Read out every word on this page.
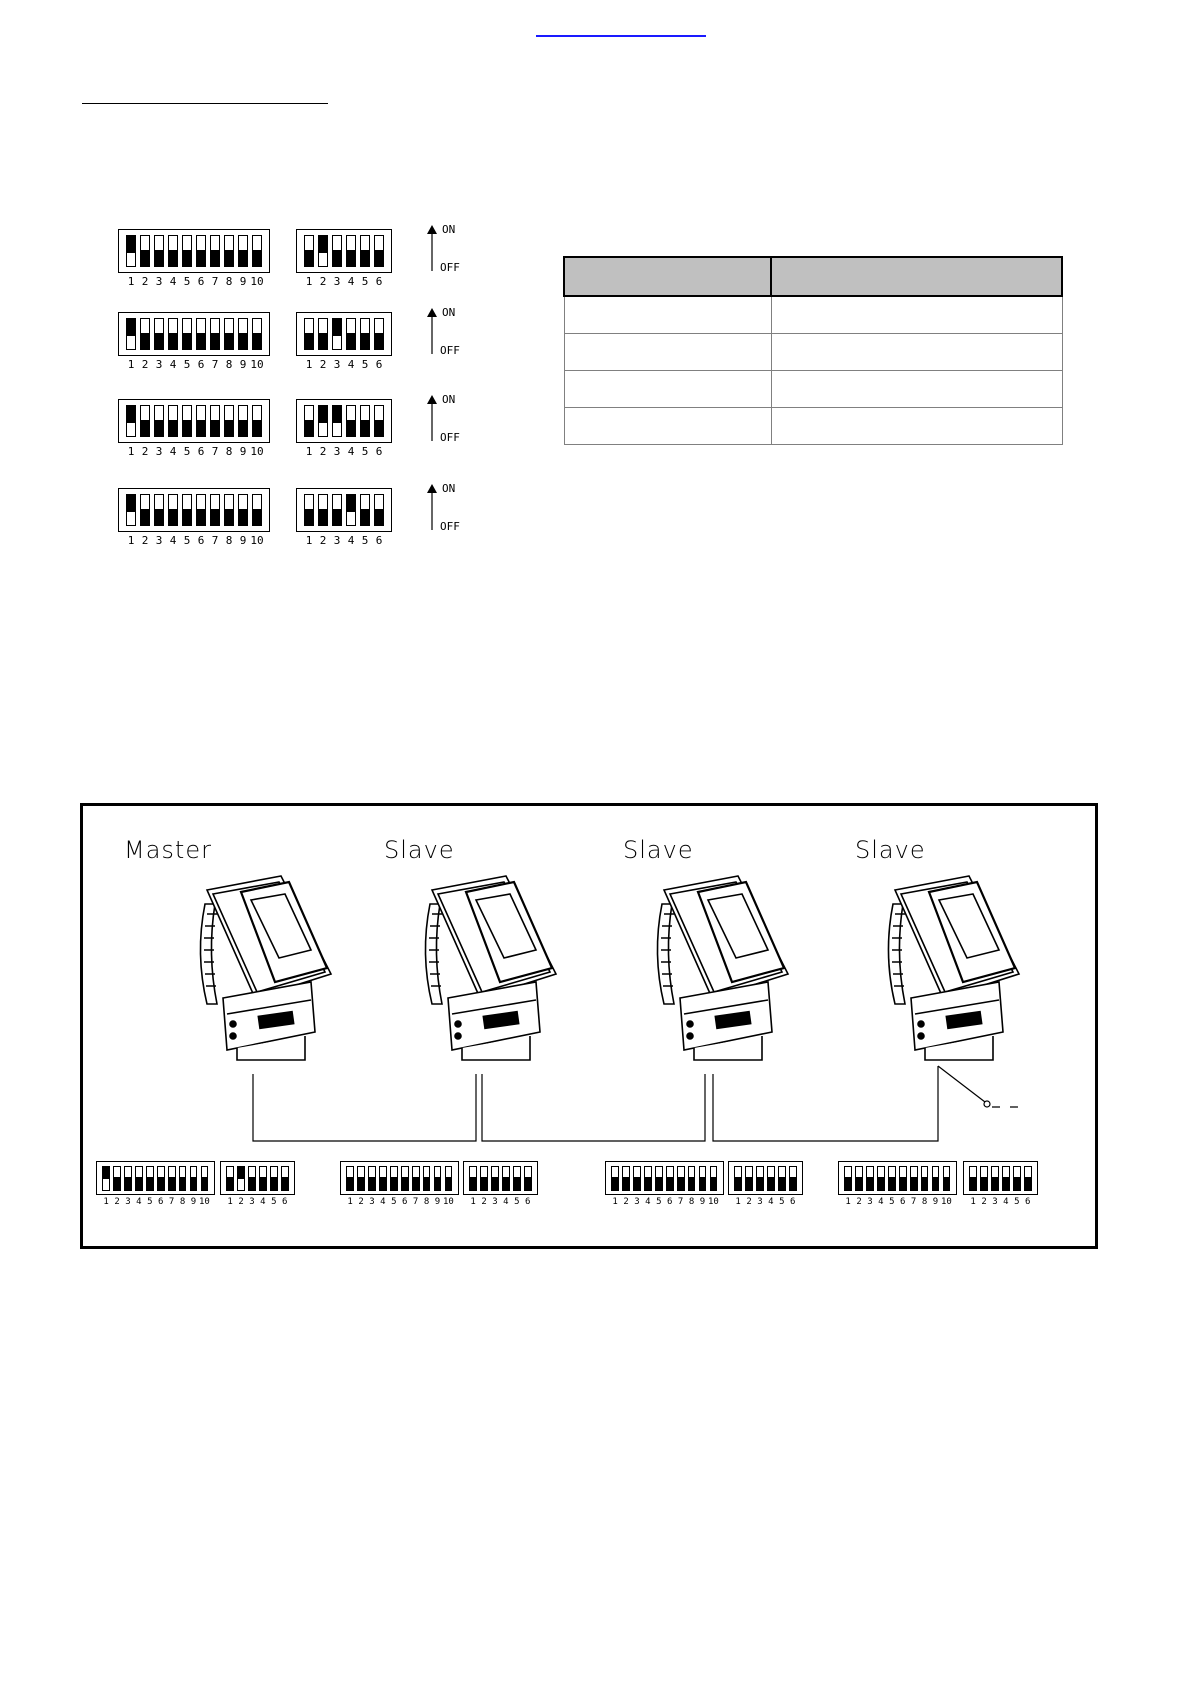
1 2 3 4 5 6 7 8 9 10	1 2 3 4 5 6
ON
OFF
1 2 3 4 5 6 7 8 9 10	1 2 3 4 5 6
ON
OFF
1 2 3 4 5 6 7 8 9 10	1 2 3 4 5 6
ON
OFF
1 2 3 4 5 6 7 8 9 10	1 2 3 4 5 6
ON
OFF

Master	Slave	Slave	Slave
1 2 3 4 5 6 7 8 9 10	1 2 3 4 5 6	1 2 3 4 5 6 7 8 9 10	1 2 3 4 5 6	1 2 3 4 5 6 7 8 9 10	1 2 3 4 5 6	1 2 3 4 5 6 7 8 9 10	1 2 3 4 5 6
